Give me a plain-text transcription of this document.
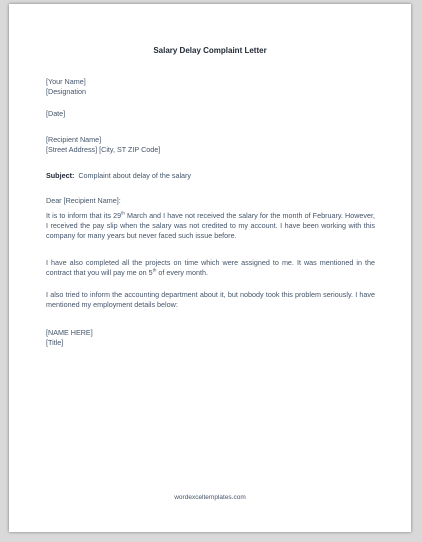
Salary Delay Complaint Letter
[Your Name]
[Designation
[Date]
[Recipient Name]
[Street Address] [City, ST ZIP Code]
Subject: Complaint about delay of the salary
Dear [Recipient Name]:
It is to inform that its 29th March and I have not received the salary for the month of February. However, I received the pay slip when the salary was not credited to my account. I have been working with this company for many years but never faced such issue before.
I have also completed all the projects on time which were assigned to me. It was mentioned in the contract that you will pay me on 5th of every month.
I also tried to inform the accounting department about it, but nobody took this problem seriously. I have mentioned my employment details below:
[NAME HERE]
[Title]
wordexceltemplates.com
